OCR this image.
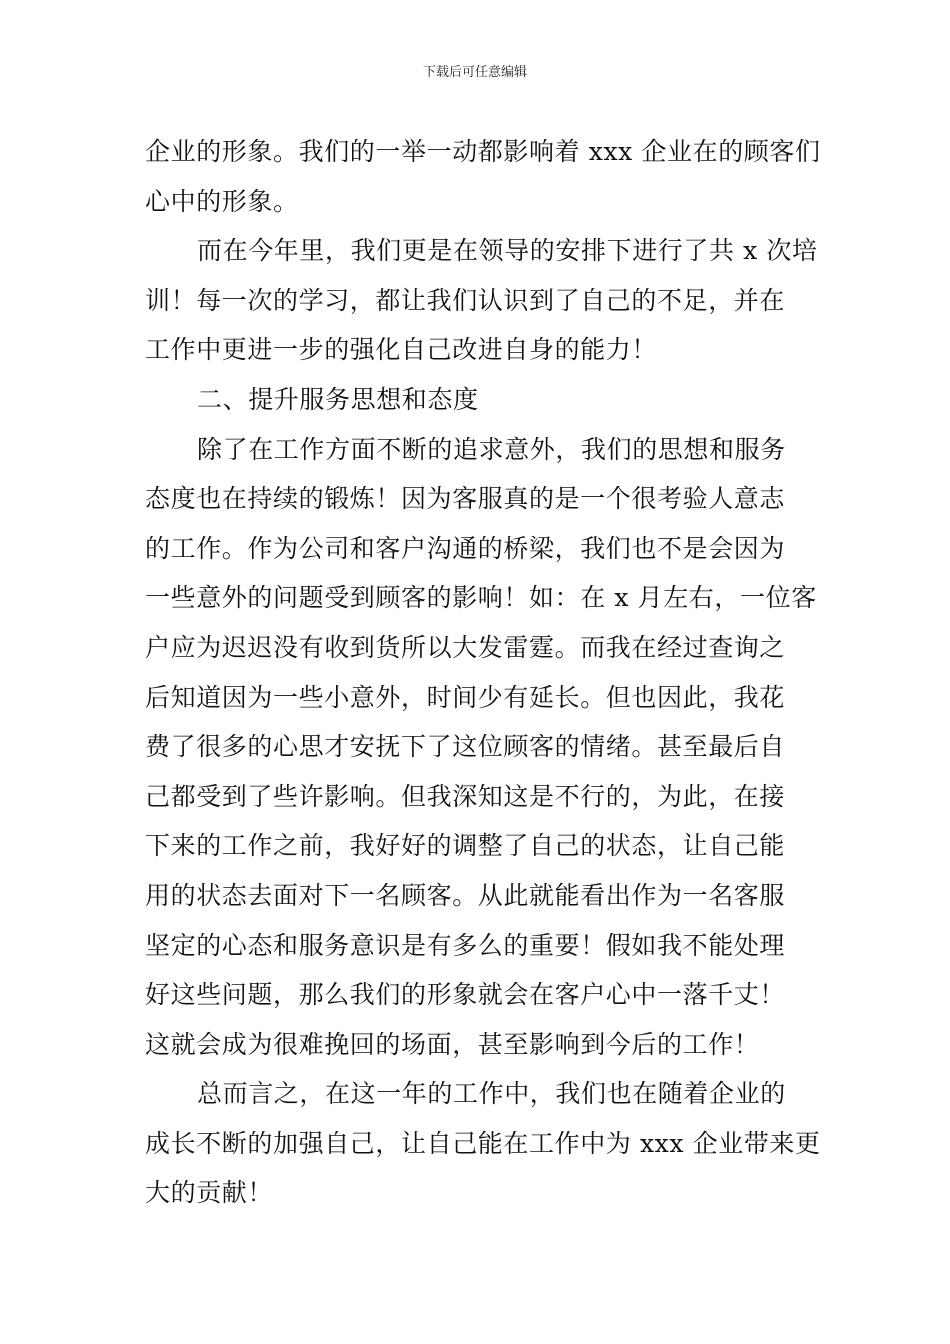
下载后可任意编辑
企业的形象。我们的一举一动都影响着 xxx 企业在的顾客们
心中的形象。
而在今年里，我们更是在领导的安排下进行了共 x 次培
训！每一次的学习，都让我们认识到了自己的不足，并在
工作中更进一步的强化自己改进自身的能力！
二、提升服务思想和态度
除了在工作方面不断的追求意外，我们的思想和服务
态度也在持续的锻炼！因为客服真的是一个很考验人意志
的工作。作为公司和客户沟通的桥梁，我们也不是会因为
一些意外的问题受到顾客的影响！如：在 x 月左右，一位客
户应为迟迟没有收到货所以大发雷霆。而我在经过查询之
后知道因为一些小意外，时间少有延长。但也因此，我花
费了很多的心思才安抚下了这位顾客的情绪。甚至最后自
己都受到了些许影响。但我深知这是不行的，为此，在接
下来的工作之前，我好好的调整了自己的状态，让自己能
用的状态去面对下一名顾客。从此就能看出作为一名客服
坚定的心态和服务意识是有多么的重要！假如我不能处理
好这些问题，那么我们的形象就会在客户心中一落千丈！
这就会成为很难挽回的场面，甚至影响到今后的工作！
总而言之，在这一年的工作中，我们也在随着企业的
成长不断的加强自己，让自己能在工作中为 xxx 企业带来更
大的贡献！
